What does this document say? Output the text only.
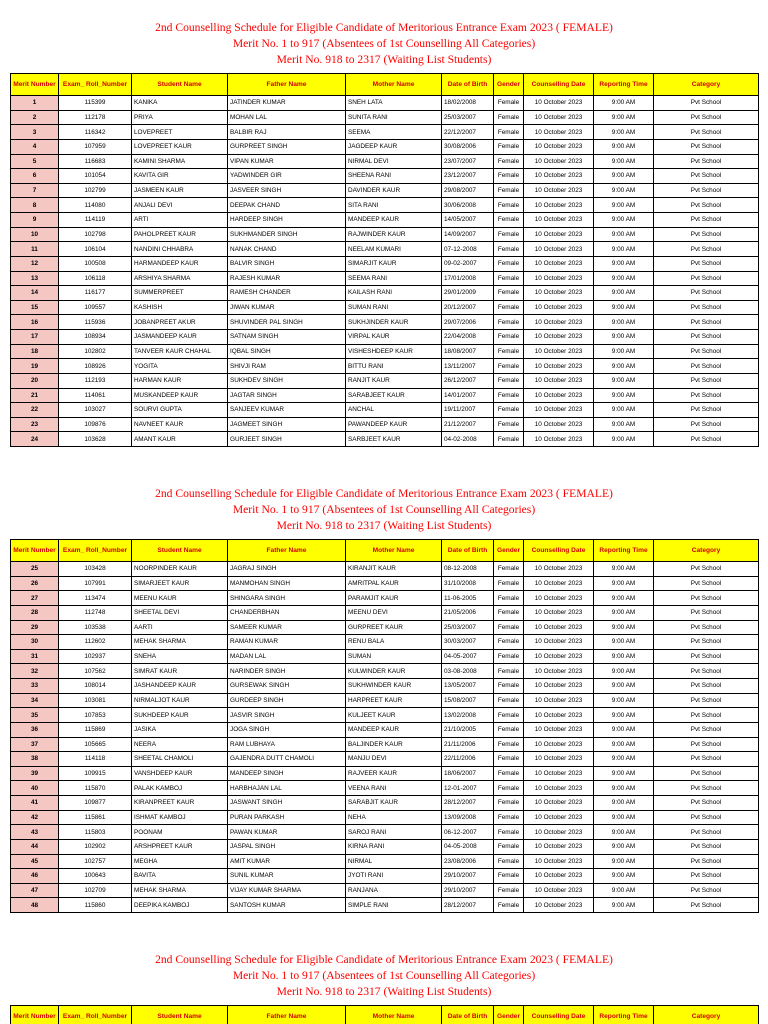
2nd Counselling Schedule for Eligible Candidate of Meritorious Entrance Exam 2023 ( FEMALE)
Merit No. 1 to 917 (Absentees of 1st Counselling All Categories)
Merit No. 918 to 2317 (Waiting List Students)
Merit Number	Exam_ Roll_Number	Student Name	Father Name	Mother Name	Date of Birth	Gender	Counselling Date	Reporting Time	Category
1	115399	KANIKA	JATINDER KUMAR	SNEH LATA	18/02/2008	Female	10 October 2023	9:00 AM	Pvt School
2	112178	PRIYA	MOHAN LAL	SUNITA RANI	25/03/2007	Female	10 October 2023	9:00 AM	Pvt School
3	116342	LOVEPREET	BALBIR RAJ	SEEMA	22/12/2007	Female	10 October 2023	9:00 AM	Pvt School
4	107959	LOVEPREET KAUR	GURPREET SINGH	JAGDEEP KAUR	30/08/2006	Female	10 October 2023	9:00 AM	Pvt School
5	116683	KAMINI SHARMA	VIPAN KUMAR	NIRMAL DEVI	23/07/2007	Female	10 October 2023	9:00 AM	Pvt School
6	101054	KAVITA GIR	YADWINDER GIR	SHEENA RANI	23/12/2007	Female	10 October 2023	9:00 AM	Pvt School
7	102799	JASMEEN KAUR	JASVEER SINGH	DAVINDER KAUR	29/08/2007	Female	10 October 2023	9:00 AM	Pvt School
8	114080	ANJALI DEVI	DEEPAK CHAND	SITA RANI	30/06/2008	Female	10 October 2023	9:00 AM	Pvt School
9	114119	ARTI	HARDEEP SINGH	MANDEEP KAUR	14/05/2007	Female	10 October 2023	9:00 AM	Pvt School
10	102798	PAHOLPREET KAUR	SUKHMANDER SINGH	RAJWINDER KAUR	14/09/2007	Female	10 October 2023	9:00 AM	Pvt School
11	106104	NANDINI CHHABRA	NANAK CHAND	NEELAM KUMARI	07-12-2008	Female	10 October 2023	9:00 AM	Pvt School
12	100508	HARMANDEEP KAUR	BALVIR SINGH	SIMARJIT KAUR	09-02-2007	Female	10 October 2023	9:00 AM	Pvt School
13	106118	ARSHIYA SHARMA	RAJESH KUMAR	SEEMA RANI	17/01/2008	Female	10 October 2023	9:00 AM	Pvt School
14	116177	SUMMERPREET	RAMESH CHANDER	KAILASH RANI	29/01/2009	Female	10 October 2023	9:00 AM	Pvt School
15	109557	KASHISH	JIWAN KUMAR	SUMAN RANI	20/12/2007	Female	10 October 2023	9:00 AM	Pvt School
16	115936	JOBANPREET AKUR	SHUVINDER PAL SINGH	SUKHJINDER KAUR	29/07/2006	Female	10 October 2023	9:00 AM	Pvt School
17	108934	JASMANDEEP KAUR	SATNAM SINGH	VIRPAL KAUR	22/04/2008	Female	10 October 2023	9:00 AM	Pvt School
18	102802	TANVEER KAUR CHAHAL	IQBAL SINGH	VISHESHDEEP KAUR	18/08/2007	Female	10 October 2023	9:00 AM	Pvt School
19	108926	YOGITA	SHIVJI RAM	BITTU RANI	13/11/2007	Female	10 October 2023	9:00 AM	Pvt School
20	112193	HARMAN KAUR	SUKHDEV SINGH	RANJIT KAUR	26/12/2007	Female	10 October 2023	9:00 AM	Pvt School
21	114061	MUSKANDEEP KAUR	JAGTAR SINGH	SARABJEET KAUR	14/01/2007	Female	10 October 2023	9:00 AM	Pvt School
22	103027	SOURVI GUPTA	SANJEEV KUMAR	ANCHAL	19/11/2007	Female	10 October 2023	9:00 AM	Pvt School
23	109876	NAVNEET KAUR	JAGMEET SINGH	PAWANDEEP KAUR	21/12/2007	Female	10 October 2023	9:00 AM	Pvt School
24	103628	AMANT KAUR	GURJEET SINGH	SARBJEET KAUR	04-02-2008	Female	10 October 2023	9:00 AM	Pvt School
2nd Counselling Schedule for Eligible Candidate of Meritorious Entrance Exam 2023 ( FEMALE)
Merit No. 1 to 917 (Absentees of 1st Counselling All Categories)
Merit No. 918 to 2317 (Waiting List Students)
Merit Number	Exam_ Roll_Number	Student Name	Father Name	Mother Name	Date of Birth	Gender	Counselling Date	Reporting Time	Category
25	103428	NOORPINDER KAUR	JAGRAJ SINGH	KIRANJIT KAUR	08-12-2008	Female	10 October 2023	9:00 AM	Pvt School
26	107991	SIMARJEET KAUR	MANMOHAN SINGH	AMRITPAL KAUR	31/10/2008	Female	10 October 2023	9:00 AM	Pvt School
27	113474	MEENU KAUR	SHINGARA SINGH	PARAMJIT KAUR	11-06-2005	Female	10 October 2023	9:00 AM	Pvt School
28	112748	SHEETAL DEVI	CHANDERBHAN	MEENU DEVI	21/05/2006	Female	10 October 2023	9:00 AM	Pvt School
29	103538	AARTI	SAMEER KUMAR	GURPREET KAUR	25/03/2007	Female	10 October 2023	9:00 AM	Pvt School
30	112602	MEHAK SHARMA	RAMAN KUMAR	RENU BALA	30/03/2007	Female	10 October 2023	9:00 AM	Pvt School
31	102937	SNEHA	MADAN LAL	SUMAN	04-05-2007	Female	10 October 2023	9:00 AM	Pvt School
32	107562	SIMRAT KAUR	NARINDER SINGH	KULWINDER KAUR	03-08-2008	Female	10 October 2023	9:00 AM	Pvt School
33	108014	JASHANDEEP KAUR	GURSEWAK SINGH	SUKHWINDER KAUR	13/05/2007	Female	10 October 2023	9:00 AM	Pvt School
34	103081	NIRMALJOT KAUR	GURDEEP SINGH	HARPREET KAUR	15/08/2007	Female	10 October 2023	9:00 AM	Pvt School
35	107853	SUKHDEEP KAUR	JASVIR SINGH	KULJEET KAUR	13/02/2008	Female	10 October 2023	9:00 AM	Pvt School
36	115869	JASIKA	JOGA SINGH	MANDEEP KAUR	21/10/2005	Female	10 October 2023	9:00 AM	Pvt School
37	105665	NEERA	RAM LUBHAYA	BALJINDER KAUR	21/11/2006	Female	10 October 2023	9:00 AM	Pvt School
38	114118	SHEETAL CHAMOLI	GAJENDRA DUTT CHAMOLI	MANJU DEVI	22/11/2006	Female	10 October 2023	9:00 AM	Pvt School
39	109915	VANSHDEEP KAUR	MANDEEP SINGH	RAJVEER KAUR	18/06/2007	Female	10 October 2023	9:00 AM	Pvt School
40	115870	PALAK KAMBOJ	HARBHAJAN LAL	VEENA RANI	12-01-2007	Female	10 October 2023	9:00 AM	Pvt School
41	109877	KIRANPREET KAUR	JASWANT SINGH	SARABJIT KAUR	28/12/2007	Female	10 October 2023	9:00 AM	Pvt School
42	115861	ISHMAT KAMBOJ	PURAN PARKASH	NEHA	13/09/2008	Female	10 October 2023	9:00 AM	Pvt School
43	115803	POONAM	PAWAN KUMAR	SAROJ RANI	06-12-2007	Female	10 October 2023	9:00 AM	Pvt School
44	102902	ARSHPREET KAUR	JASPAL SINGH	KIRNA RANI	04-05-2008	Female	10 October 2023	9:00 AM	Pvt School
45	102757	MEGHA	AMIT KUMAR	NIRMAL	23/08/2006	Female	10 October 2023	9:00 AM	Pvt School
46	100643	BAVITA	SUNIL KUMAR	JYOTI RANI	29/10/2007	Female	10 October 2023	9:00 AM	Pvt School
47	102709	MEHAK SHARMA	VIJAY KUMAR SHARMA	RANJANA	29/10/2007	Female	10 October 2023	9:00 AM	Pvt School
48	115860	DEEPIKA KAMBOJ	SANTOSH KUMAR	SIMPLE RANI	28/12/2007	Female	10 October 2023	9:00 AM	Pvt School
2nd Counselling Schedule for Eligible Candidate of Meritorious Entrance Exam 2023 ( FEMALE)
Merit No. 1 to 917 (Absentees of 1st Counselling All Categories)
Merit No. 918 to 2317 (Waiting List Students)
Merit Number	Exam_ Roll_Number	Student Name	Father Name	Mother Name	Date of Birth	Gender	Counselling Date	Reporting Time	Category
